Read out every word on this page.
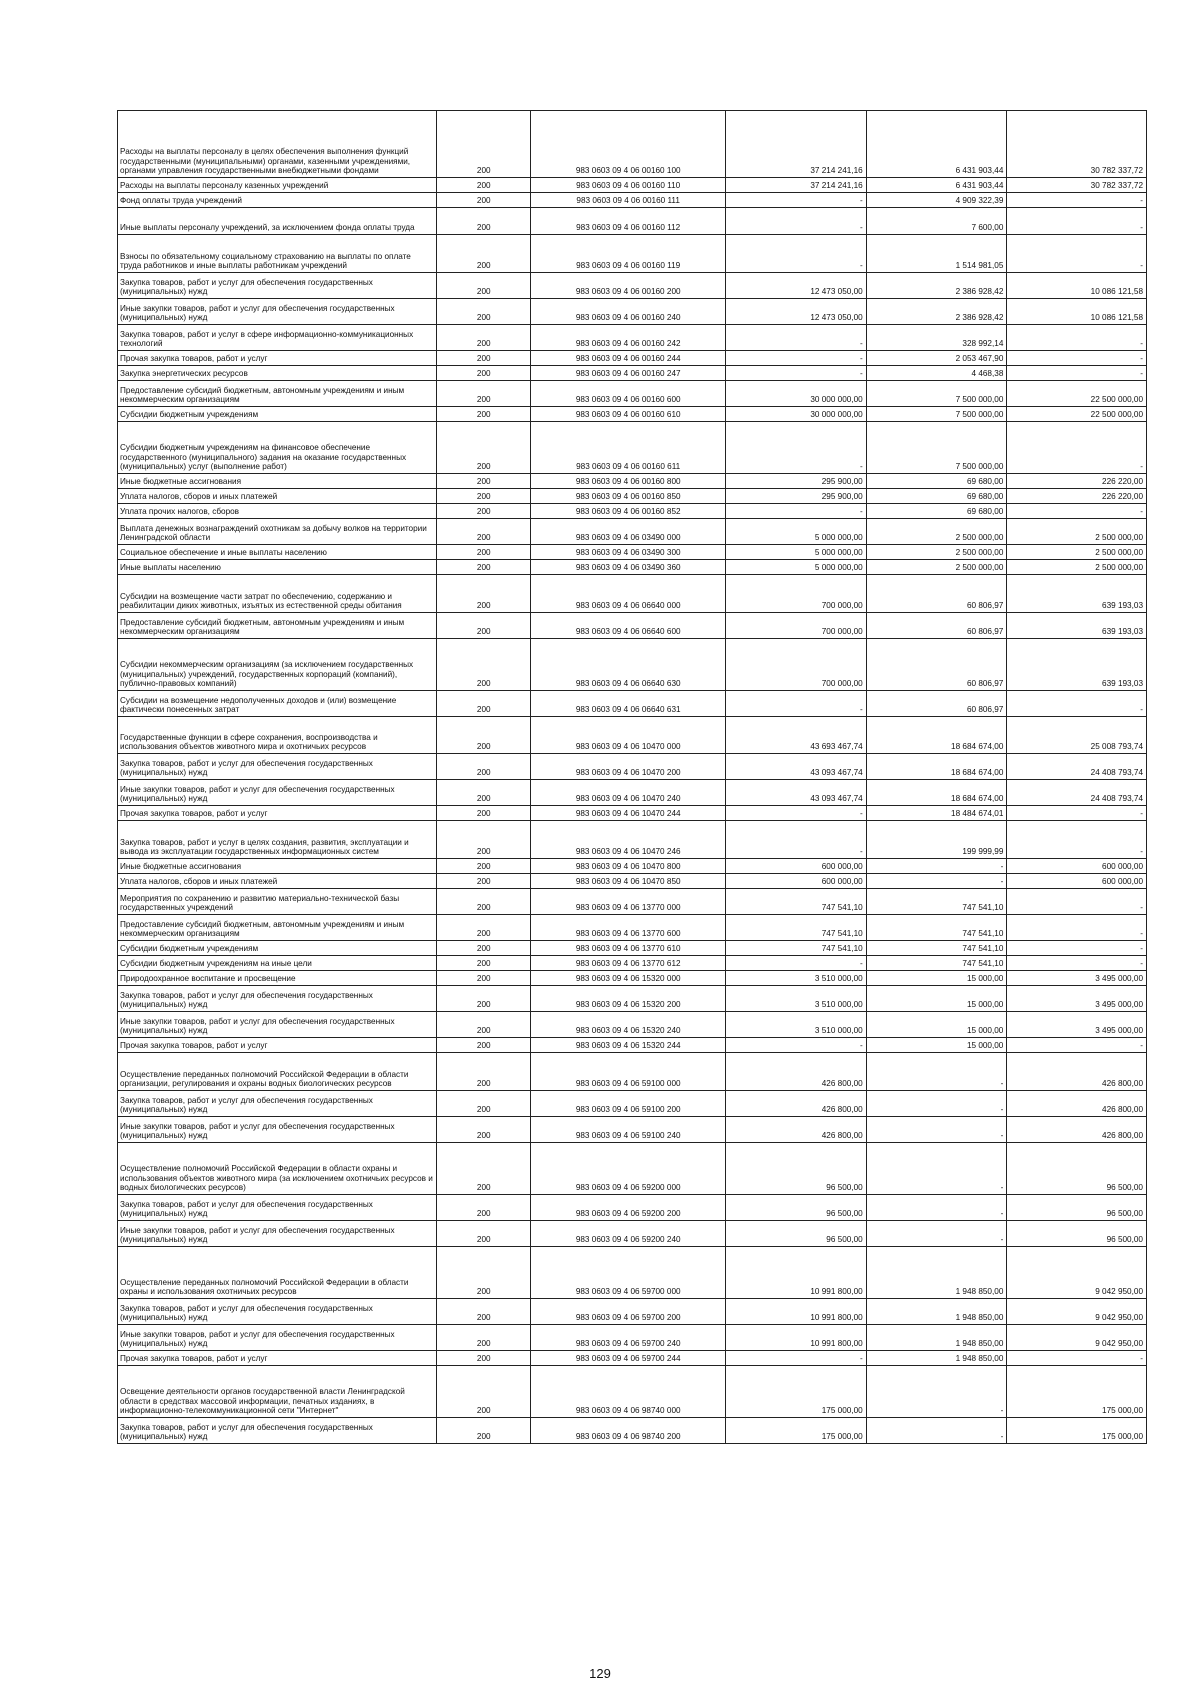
Расходы на выплаты персоналу в целях обеспечения выполнения функций государственными (муниципальными) органами, казенными учреждениями, органами управления государственными внебюджетными фондами	200	983 0603 09 4 06 00160 100	37 214 241,16	6 431 903,44	30 782 337,72
Расходы на выплаты персоналу казенных учреждений	200	983 0603 09 4 06 00160 110	37 214 241,16	6 431 903,44	30 782 337,72
Фонд оплаты труда учреждений	200	983 0603 09 4 06 00160 111	-	4 909 322,39	-
Иные выплаты персоналу учреждений, за исключением фонда оплаты труда	200	983 0603 09 4 06 00160 112	-	7 600,00	-
Взносы по обязательному социальному страхованию на выплаты по оплате труда работников и иные выплаты работникам учреждений	200	983 0603 09 4 06 00160 119	-	1 514 981,05	-
Закупка товаров, работ и услуг для обеспечения государственных (муниципальных) нужд	200	983 0603 09 4 06 00160 200	12 473 050,00	2 386 928,42	10 086 121,58
Иные закупки товаров, работ и услуг для обеспечения государственных (муниципальных) нужд	200	983 0603 09 4 06 00160 240	12 473 050,00	2 386 928,42	10 086 121,58
Закупка товаров, работ и услуг в сфере информационно-коммуникационных технологий	200	983 0603 09 4 06 00160 242	-	328 992,14	-
Прочая закупка товаров, работ и услуг	200	983 0603 09 4 06 00160 244	-	2 053 467,90	-
Закупка энергетических ресурсов	200	983 0603 09 4 06 00160 247	-	4 468,38	-
Предоставление субсидий бюджетным, автономным учреждениям и иным некоммерческим организациям	200	983 0603 09 4 06 00160 600	30 000 000,00	7 500 000,00	22 500 000,00
Субсидии бюджетным учреждениям	200	983 0603 09 4 06 00160 610	30 000 000,00	7 500 000,00	22 500 000,00
Субсидии бюджетным учреждениям на финансовое обеспечение государственного (муниципального) задания на оказание государственных (муниципальных) услуг (выполнение работ)	200	983 0603 09 4 06 00160 611	-	7 500 000,00	-
Иные бюджетные ассигнования	200	983 0603 09 4 06 00160 800	295 900,00	69 680,00	226 220,00
Уплата налогов, сборов и иных платежей	200	983 0603 09 4 06 00160 850	295 900,00	69 680,00	226 220,00
Уплата прочих налогов, сборов	200	983 0603 09 4 06 00160 852	-	69 680,00	-
Выплата денежных вознаграждений охотникам за добычу волков на территории Ленинградской области	200	983 0603 09 4 06 03490 000	5 000 000,00	2 500 000,00	2 500 000,00
Социальное обеспечение и иные выплаты населению	200	983 0603 09 4 06 03490 300	5 000 000,00	2 500 000,00	2 500 000,00
Иные выплаты населению	200	983 0603 09 4 06 03490 360	5 000 000,00	2 500 000,00	2 500 000,00
Субсидии на возмещение части затрат по обеспечению, содержанию и реабилитации диких животных, изъятых из естественной среды обитания	200	983 0603 09 4 06 06640 000	700 000,00	60 806,97	639 193,03
Предоставление субсидий бюджетным, автономным учреждениям и иным некоммерческим организациям	200	983 0603 09 4 06 06640 600	700 000,00	60 806,97	639 193,03
Субсидии некоммерческим организациям (за исключением государственных (муниципальных) учреждений, государственных корпораций (компаний), публично-правовых компаний)	200	983 0603 09 4 06 06640 630	700 000,00	60 806,97	639 193,03
Субсидии на возмещение недополученных доходов и (или) возмещение фактически понесенных затрат	200	983 0603 09 4 06 06640 631	-	60 806,97	-
Государственные функции в сфере сохранения, воспроизводства и использования объектов животного мира и охотничьих ресурсов	200	983 0603 09 4 06 10470 000	43 693 467,74	18 684 674,00	25 008 793,74
Закупка товаров, работ и услуг для обеспечения государственных (муниципальных) нужд	200	983 0603 09 4 06 10470 200	43 093 467,74	18 684 674,00	24 408 793,74
Иные закупки товаров, работ и услуг для обеспечения государственных (муниципальных) нужд	200	983 0603 09 4 06 10470 240	43 093 467,74	18 684 674,00	24 408 793,74
Прочая закупка товаров, работ и услуг	200	983 0603 09 4 06 10470 244	-	18 484 674,01	-
Закупка товаров, работ и услуг в целях создания, развития, эксплуатации и вывода из эксплуатации государственных информационных систем	200	983 0603 09 4 06 10470 246	-	199 999,99	-
Иные бюджетные ассигнования	200	983 0603 09 4 06 10470 800	600 000,00	-	600 000,00
Уплата налогов, сборов и иных платежей	200	983 0603 09 4 06 10470 850	600 000,00	-	600 000,00
Мероприятия по сохранению и развитию материально-технической базы государственных учреждений	200	983 0603 09 4 06 13770 000	747 541,10	747 541,10	-
Предоставление субсидий бюджетным, автономным учреждениям и иным некоммерческим организациям	200	983 0603 09 4 06 13770 600	747 541,10	747 541,10	-
Субсидии бюджетным учреждениям	200	983 0603 09 4 06 13770 610	747 541,10	747 541,10	-
Субсидии бюджетным учреждениям на иные цели	200	983 0603 09 4 06 13770 612	-	747 541,10	-
Природоохранное воспитание и просвещение	200	983 0603 09 4 06 15320 000	3 510 000,00	15 000,00	3 495 000,00
Закупка товаров, работ и услуг для обеспечения государственных (муниципальных) нужд	200	983 0603 09 4 06 15320 200	3 510 000,00	15 000,00	3 495 000,00
Иные закупки товаров, работ и услуг для обеспечения государственных (муниципальных) нужд	200	983 0603 09 4 06 15320 240	3 510 000,00	15 000,00	3 495 000,00
Прочая закупка товаров, работ и услуг	200	983 0603 09 4 06 15320 244	-	15 000,00	-
Осуществление переданных полномочий Российской Федерации в области организации, регулирования и охраны водных биологических ресурсов	200	983 0603 09 4 06 59100 000	426 800,00	-	426 800,00
Закупка товаров, работ и услуг для обеспечения государственных (муниципальных) нужд	200	983 0603 09 4 06 59100 200	426 800,00	-	426 800,00
Иные закупки товаров, работ и услуг для обеспечения государственных (муниципальных) нужд	200	983 0603 09 4 06 59100 240	426 800,00	-	426 800,00
Осуществление полномочий Российской Федерации в области охраны и использования объектов животного мира (за исключением охотничьих ресурсов и водных биологических ресурсов)	200	983 0603 09 4 06 59200 000	96 500,00	-	96 500,00
Закупка товаров, работ и услуг для обеспечения государственных (муниципальных) нужд	200	983 0603 09 4 06 59200 200	96 500,00	-	96 500,00
Иные закупки товаров, работ и услуг для обеспечения государственных (муниципальных) нужд	200	983 0603 09 4 06 59200 240	96 500,00	-	96 500,00
Осуществление переданных полномочий Российской Федерации в области охраны и использования охотничьих ресурсов	200	983 0603 09 4 06 59700 000	10 991 800,00	1 948 850,00	9 042 950,00
Закупка товаров, работ и услуг для обеспечения государственных (муниципальных) нужд	200	983 0603 09 4 06 59700 200	10 991 800,00	1 948 850,00	9 042 950,00
Иные закупки товаров, работ и услуг для обеспечения государственных (муниципальных) нужд	200	983 0603 09 4 06 59700 240	10 991 800,00	1 948 850,00	9 042 950,00
Прочая закупка товаров, работ и услуг	200	983 0603 09 4 06 59700 244	-	1 948 850,00	-
Освещение деятельности органов государственной власти Ленинградской области в средствах массовой информации, печатных изданиях, в информационно-телекоммуникационной сети "Интернет"	200	983 0603 09 4 06 98740 000	175 000,00	-	175 000,00
Закупка товаров, работ и услуг для обеспечения государственных (муниципальных) нужд	200	983 0603 09 4 06 98740 200	175 000,00	-	175 000,00
129
